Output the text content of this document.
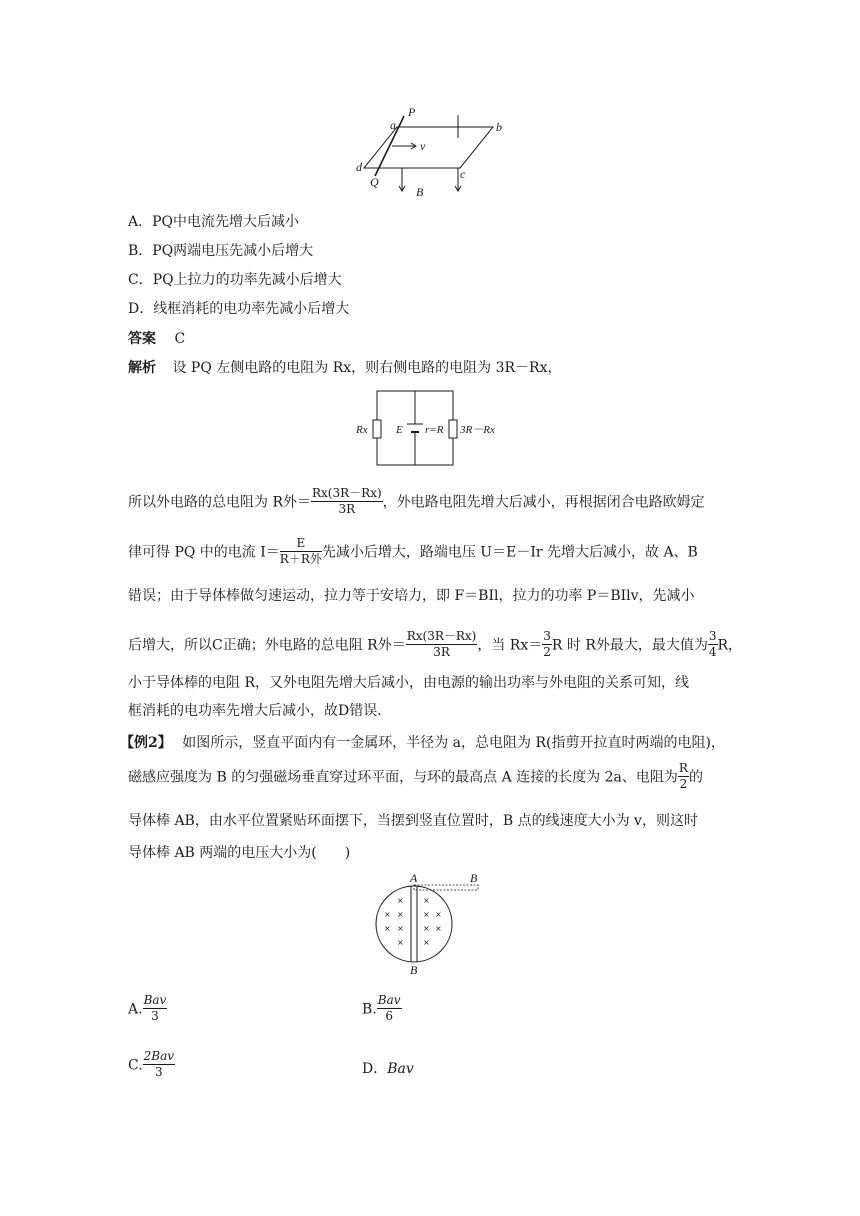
P
a	b
v
d	c
Q
B
A．PQ中电流先增大后减小
B．PQ两端电压先减小后增大
C．PQ上拉力的功率先减小后增大
D．线框消耗的电功率先减小后增大
答案 C
解析 设 PQ 左侧电路的电阻为 Rx，则右侧电路的电阻为 3R－Rx，
Rx	E r=R 3R－Rx
所以外电路的总电阻为 R外＝ $\frac{Rx(3R-Rx)}{3R}$ ，外电路电阻先增大后减小，再根据闭合电路欧姆定
律可得 PQ 中的电流 $I= \frac{E}{\text{R＋R外}}$ 先减小后增大，路端电压 U＝E－Ir 先增大后减小，故 A、B
错误；由于导体棒做匀速运动，拉力等于安培力，即 F＝BIl，拉力的功率 P＝BIlv，先减小
后增大，所以C正确；外电路的总电阻 R外＝ $\frac{Rx(3R-Rx)}{3R}$ ，当 $Rx= \frac{3}{2}$ R 时 R外最大，最大值为 $\frac{3}{4}$ R，
小于导体棒的电阻 R，又外电阻先增大后减小，由电源的输出功率与外电阻的关系可知，线
框消耗的电功率先增大后减小，故D错误．
【例2】 如图所示，竖直平面内有一金属环，半径为 a，总电阻为 R(指剪开拉直时两端的电阻)，
磁感应强度为 B 的匀强磁场垂直穿过环平面，与环的最高点 A 连接的长度为 2a、电阻为 $\frac{R}{2}$ 的
导体棒 AB，由水平位置紧贴环面摆下，当摆到竖直位置时，B 点的线速度大小为 v，则这时
导体棒 AB 两端的电压大小为(　　)
×
×
×
×
×
×
×
×
×
×
×
×
A	B
B
A. $\frac{\text{Bav}}{3}$	B. $\frac{\text{Bav}}{6}$
C. $\frac{\text{2Bav}}{3}$	D．Bav
